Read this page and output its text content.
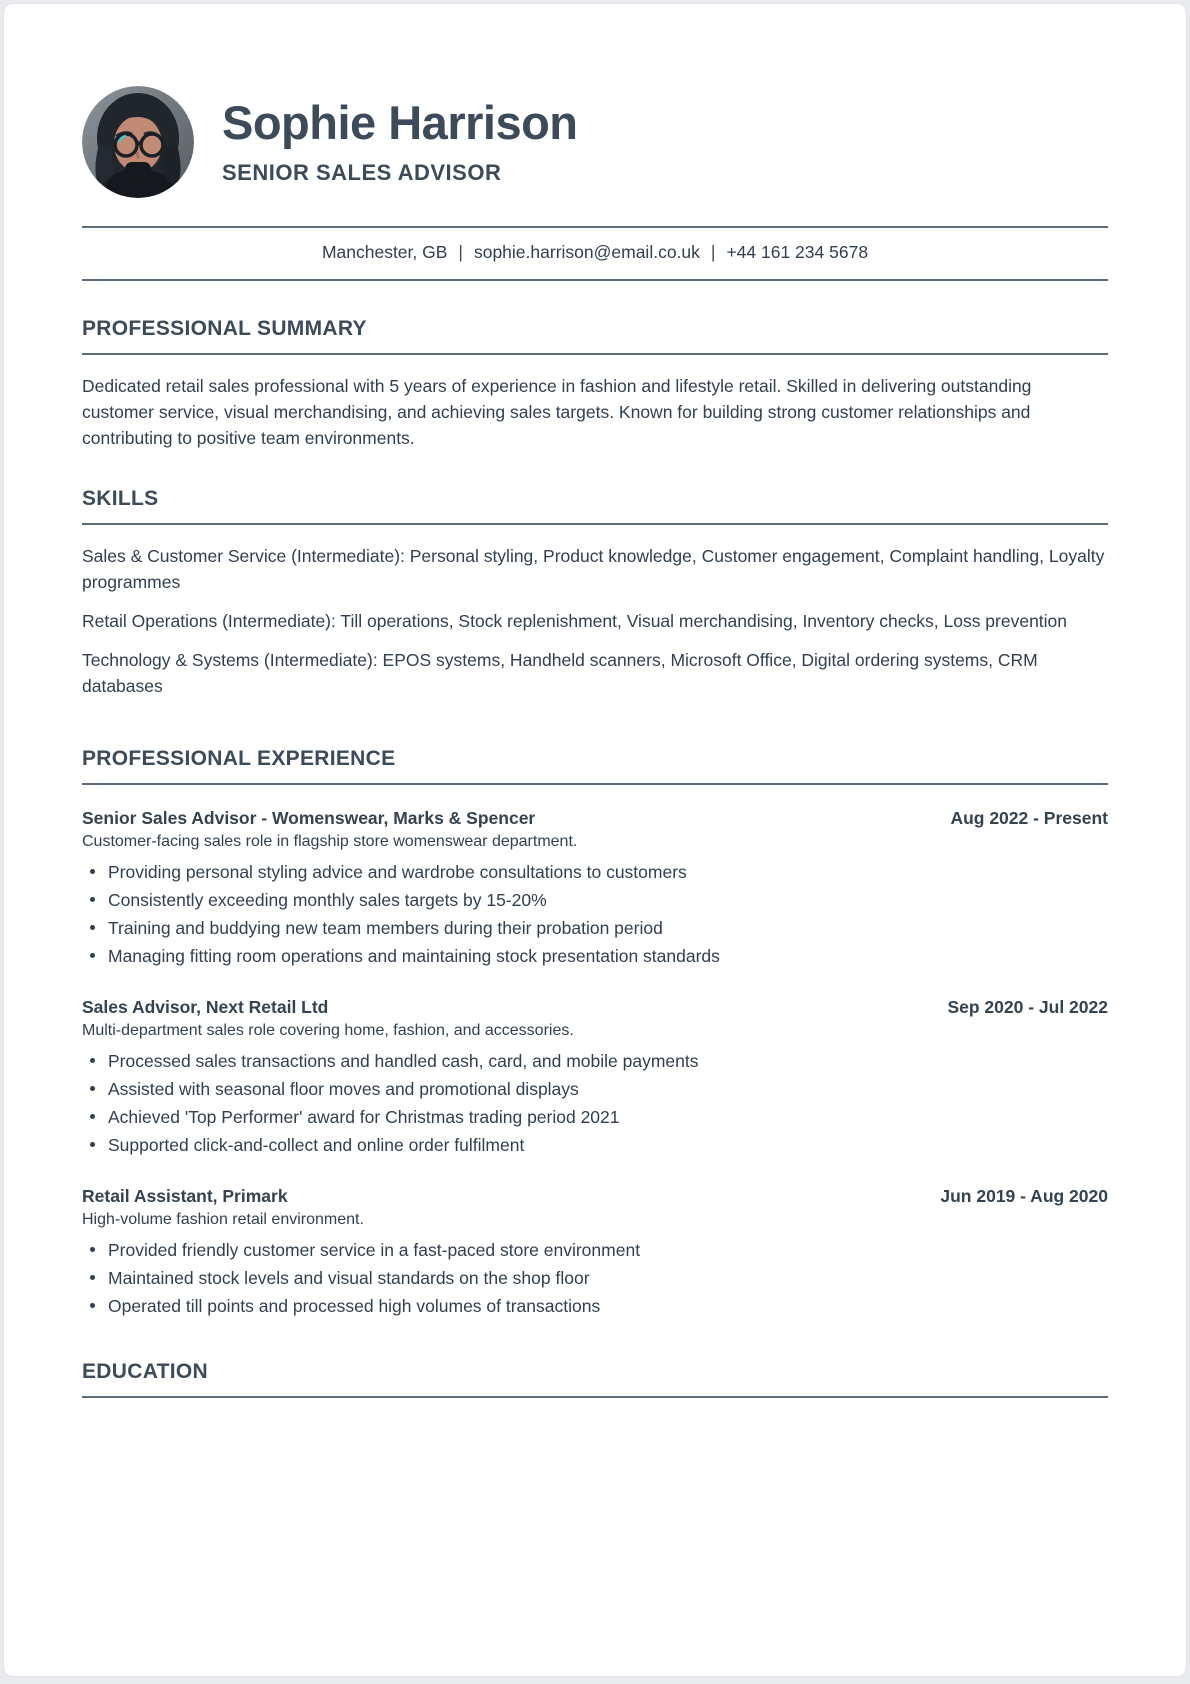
Sophie Harrison
SENIOR SALES ADVISOR
Manchester, GB | sophie.harrison@email.co.uk | +44 161 234 5678
PROFESSIONAL SUMMARY

Dedicated retail sales professional with 5 years of experience in fashion and lifestyle retail. Skilled in delivering outstanding customer service, visual merchandising, and achieving sales targets. Known for building strong customer relationships and contributing to positive team environments.

SKILLS

Sales & Customer Service (Intermediate): Personal styling, Product knowledge, Customer engagement, Complaint handling, Loyalty programmes

Retail Operations (Intermediate): Till operations, Stock replenishment, Visual merchandising, Inventory checks, Loss prevention

Technology & Systems (Intermediate): EPOS systems, Handheld scanners, Microsoft Office, Digital ordering systems, CRM databases

PROFESSIONAL EXPERIENCE
Senior Sales Advisor - Womenswear, Marks & Spencer	Aug 2022 - Present

Customer-facing sales role in flagship store womenswear department.

Providing personal styling advice and wardrobe consultations to customers
Consistently exceeding monthly sales targets by 15-20%
Training and buddying new team members during their probation period
Managing fitting room operations and maintaining stock presentation standards
Sales Advisor, Next Retail Ltd	Sep 2020 - Jul 2022

Multi-department sales role covering home, fashion, and accessories.

Processed sales transactions and handled cash, card, and mobile payments
Assisted with seasonal floor moves and promotional displays
Achieved 'Top Performer' award for Christmas trading period 2021
Supported click-and-collect and online order fulfilment
Retail Assistant, Primark	Jun 2019 - Aug 2020

High-volume fashion retail environment.

Provided friendly customer service in a fast-paced store environment
Maintained stock levels and visual standards on the shop floor
Operated till points and processed high volumes of transactions
EDUCATION
